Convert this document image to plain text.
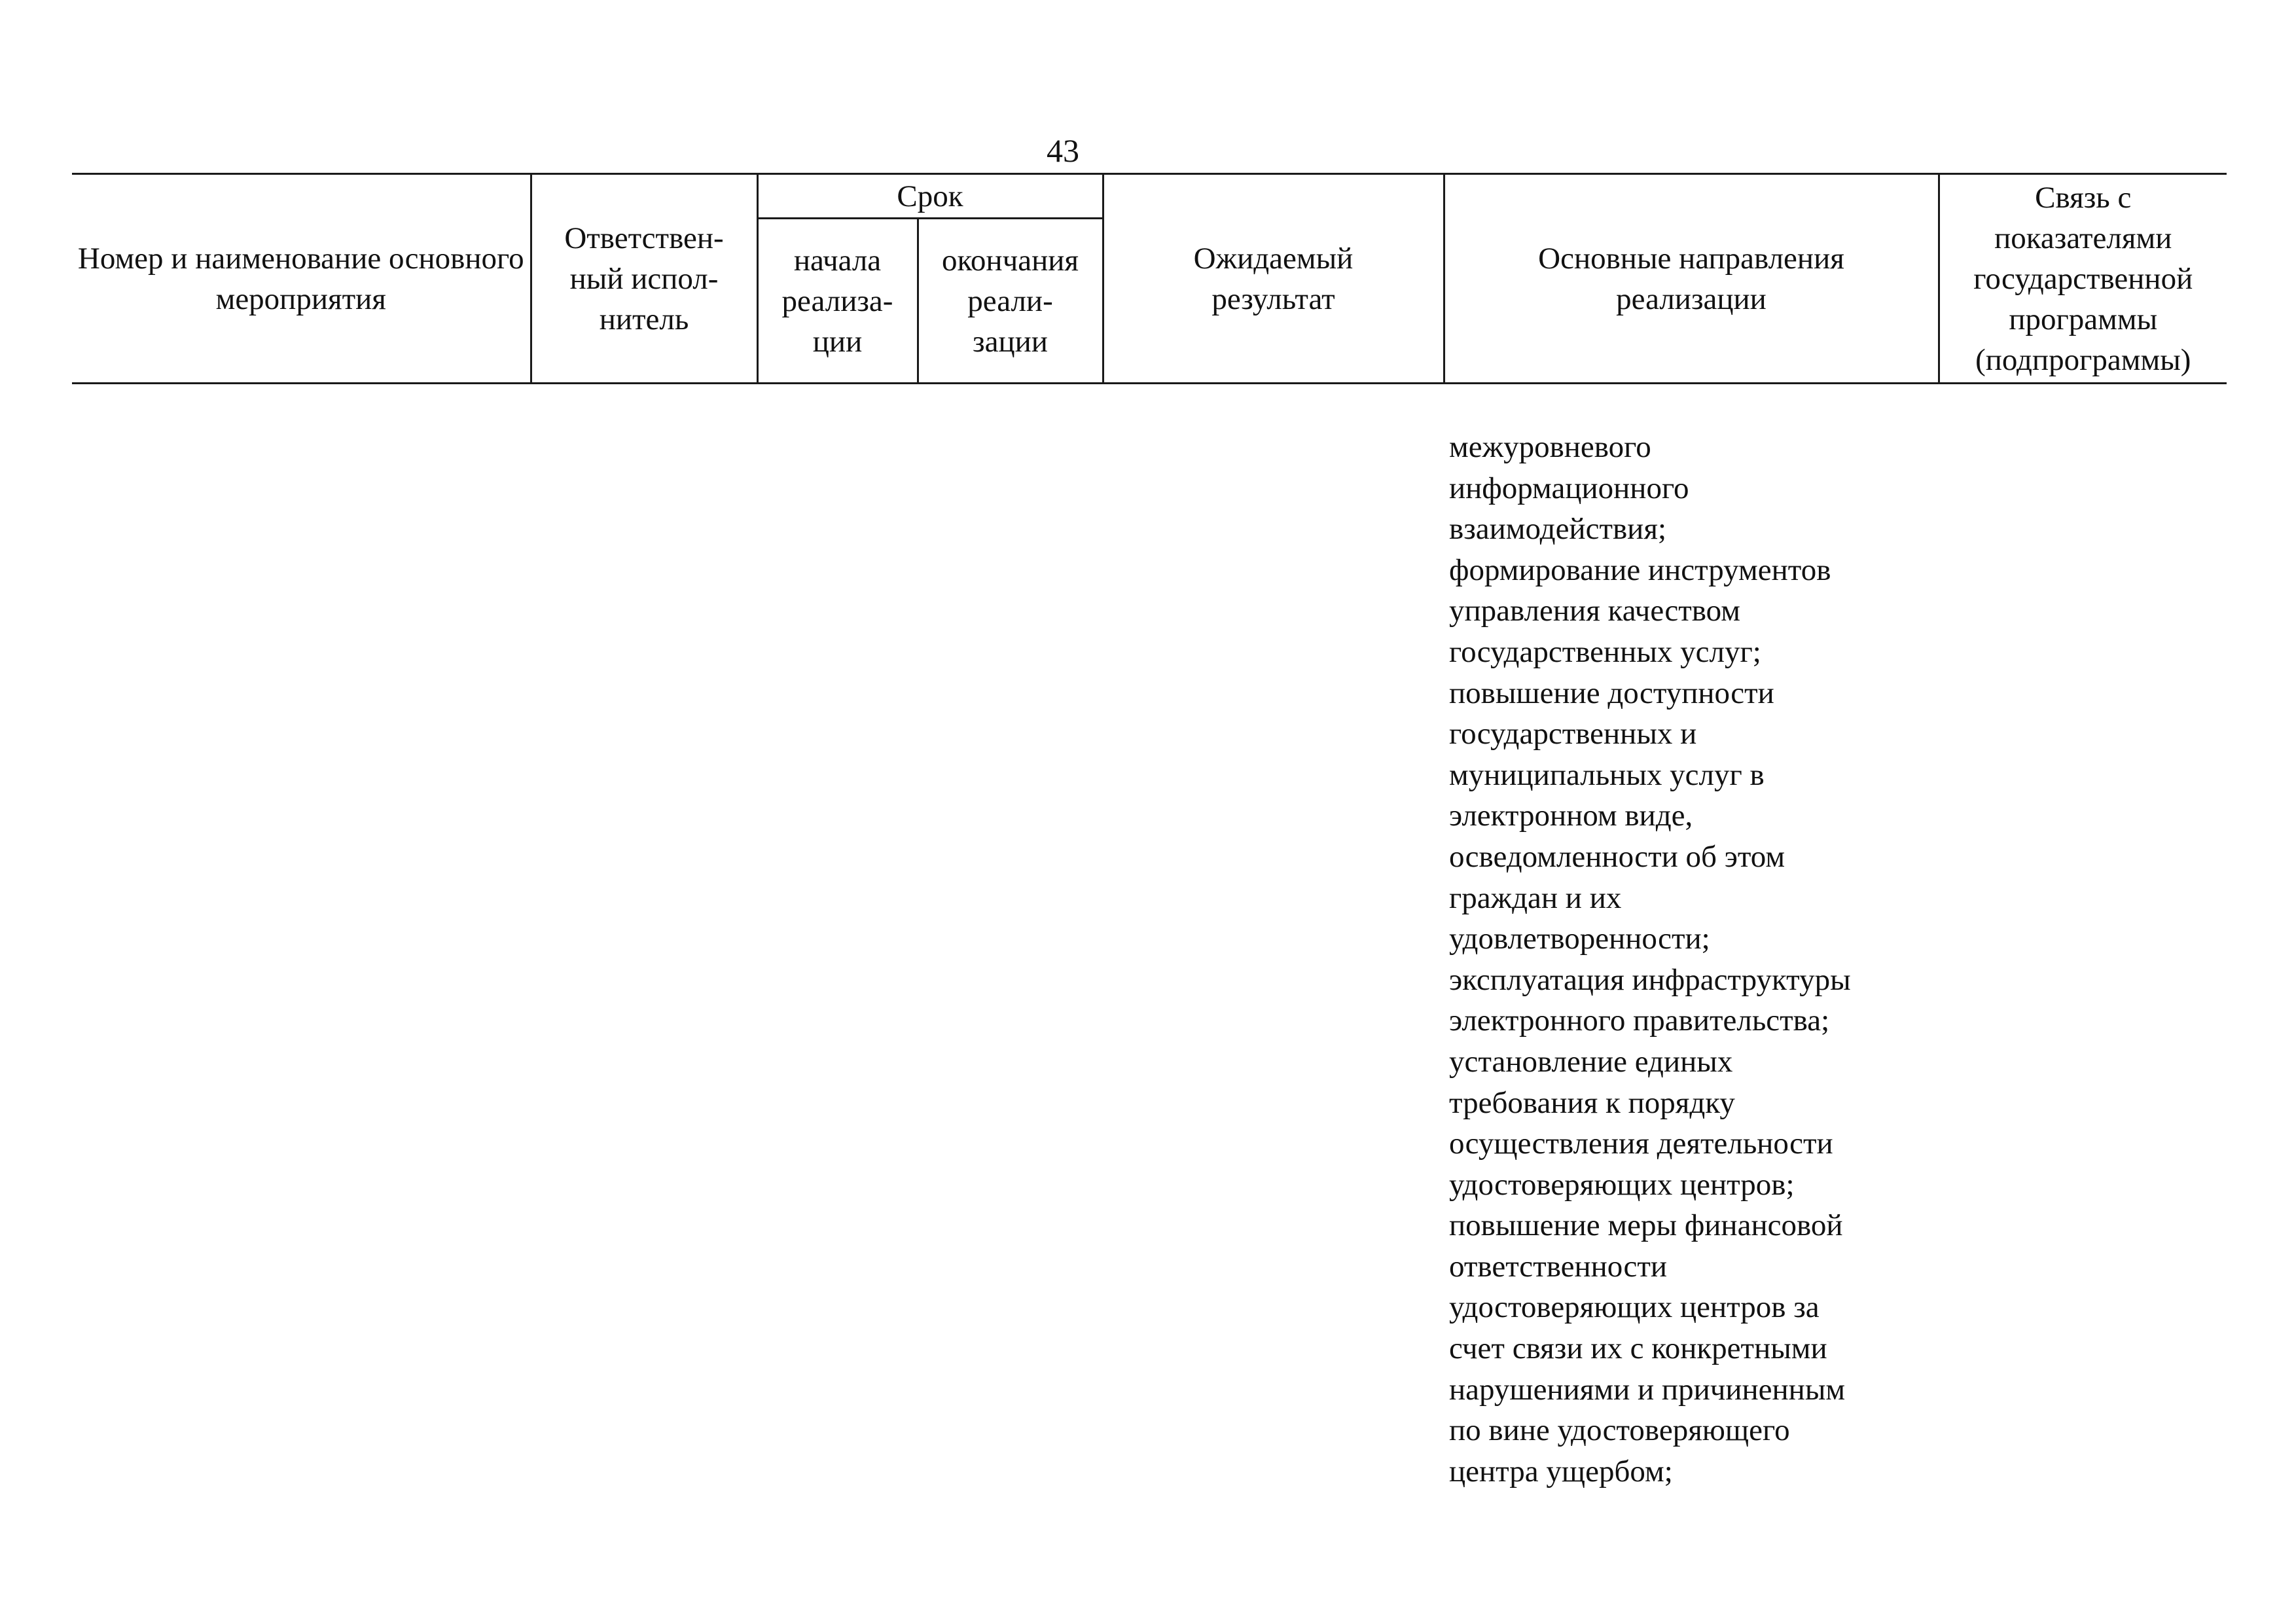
43
Номер и наименование основного мероприятия	Ответствен-ный испол-нитель	Срок		Ожидаемый результат	Основные направления реализации	Связь с показателями государственной программы (подпрограммы)

		начала реализа-ции	окончания реали-зации			
межуровневого
информационного
взаимодействия;
формирование инструментов
управления качеством
государственных услуг;
повышение доступности
государственных и
муниципальных услуг в
электронном виде,
осведомленности об этом
граждан и их
удовлетворенности;
эксплуатация инфраструктуры
электронного правительства;
установление единых
требования к порядку
осуществления деятельности
удостоверяющих центров;
повышение меры финансовой
ответственности
удостоверяющих центров за
счет связи их с конкретными
нарушениями и причиненным
по вине удостоверяющего
центра ущербом;
